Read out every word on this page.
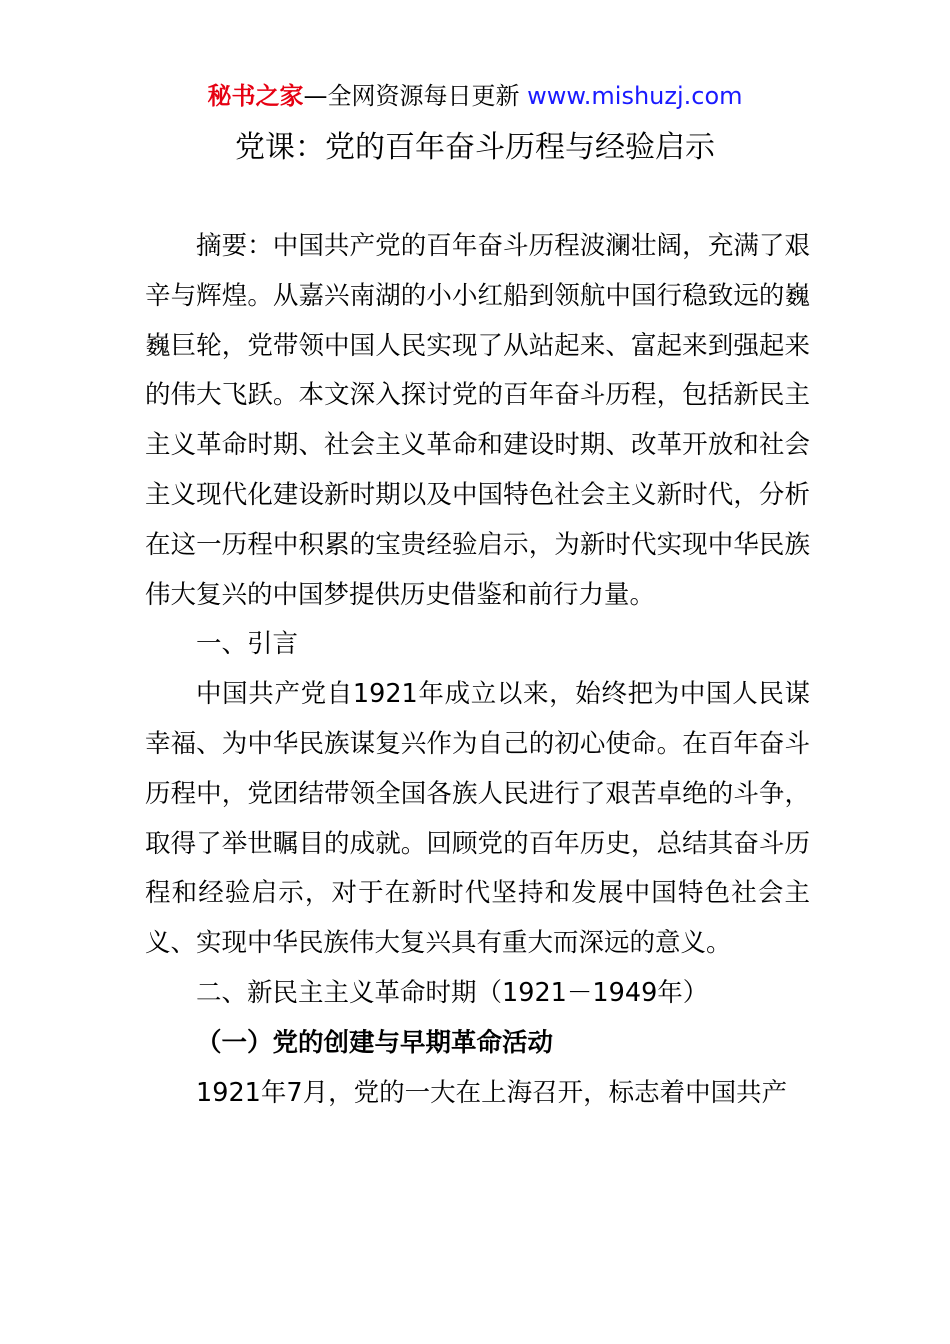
秘书之家—全网资源每日更新 www.mishuzj.com
党课：党的百年奋斗历程与经验启示

摘要：中国共产党的百年奋斗历程波澜壮阔，充满了艰辛与辉煌。从嘉兴南湖的小小红船到领航中国行稳致远的巍巍巨轮，党带领中国人民实现了从站起来、富起来到强起来的伟大飞跃。本文深入探讨党的百年奋斗历程，包括新民主主义革命时期、社会主义革命和建设时期、改革开放和社会主义现代化建设新时期以及中国特色社会主义新时代，分析在这一历程中积累的宝贵经验启示，为新时代实现中华民族伟大复兴的中国梦提供历史借鉴和前行力量。

一、引言

中国共产党自1921年成立以来，始终把为中国人民谋幸福、为中华民族谋复兴作为自己的初心使命。在百年奋斗历程中，党团结带领全国各族人民进行了艰苦卓绝的斗争，取得了举世瞩目的成就。回顾党的百年历史，总结其奋斗历程和经验启示，对于在新时代坚持和发展中国特色社会主义、实现中华民族伟大复兴具有重大而深远的意义。

二、新民主主义革命时期（1921－1949年）

（一）党的创建与早期革命活动

1921年7月，党的一大在上海召开，标志着中国共产
